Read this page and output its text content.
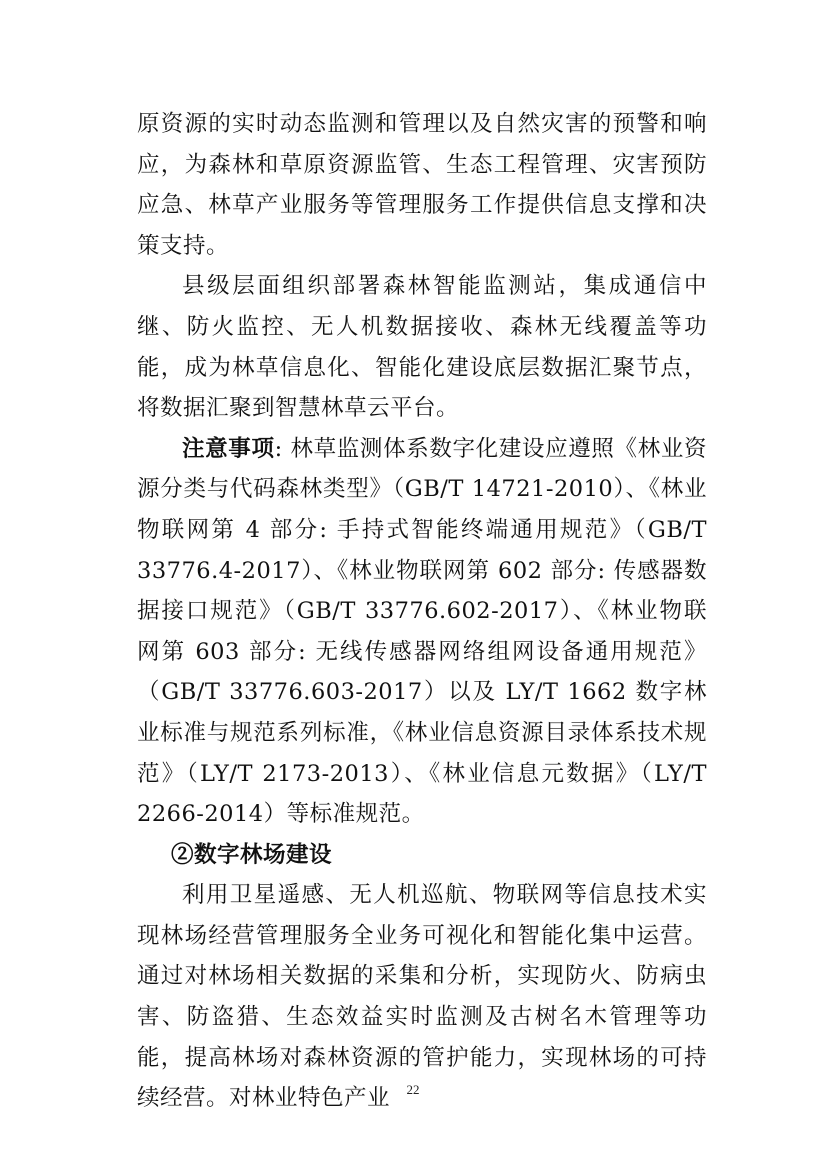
原资源的实时动态监测和管理以及自然灾害的预警和响应，为森林和草原资源监管、生态工程管理、灾害预防应急、林草产业服务等管理服务工作提供信息支撑和决策支持。

县级层面组织部署森林智能监测站，集成通信中继、防火监控、无人机数据接收、森林无线覆盖等功能，成为林草信息化、智能化建设底层数据汇聚节点，将数据汇聚到智慧林草云平台。

注意事项: 林草监测体系数字化建设应遵照《林业资源分类与代码森林类型》（GB/T 14721-2010）、《林业物联网第 4 部分: 手持式智能终端通用规范》（GB/T 33776.4-2017）、《林业物联网第 602 部分: 传感器数据接口规范》（GB/T 33776.602-2017）、《林业物联网第 603 部分: 无线传感器网络组网设备通用规范》（GB/T 33776.603-2017）以及 LY/T 1662 数字林业标准与规范系列标准，《林业信息资源目录体系技术规范》（LY/T 2173-2013）、《林业信息元数据》（LY/T 2266-2014）等标准规范。

②数字林场建设

利用卫星遥感、无人机巡航、物联网等信息技术实现林场经营管理服务全业务可视化和智能化集中运营。通过对林场相关数据的采集和分析，实现防火、防病虫害、防盗猎、生态效益实时监测及古树名木管理等功能，提高林场对森林资源的管护能力，实现林场的可持续经营。对林业特色产业	22
